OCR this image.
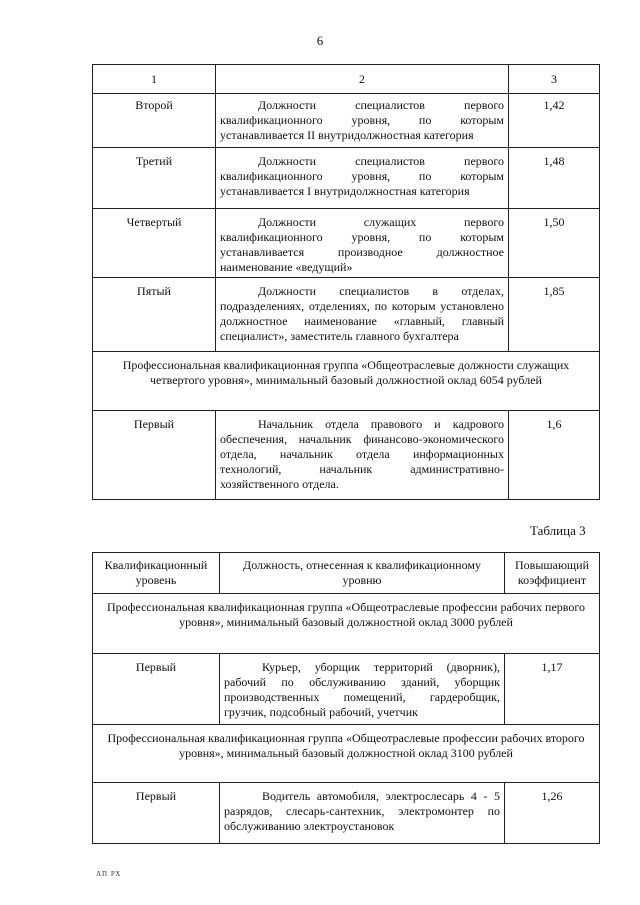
6
1	2	3
Второй	Должности специалистов первого квалификационного уровня, по которым устанавливается II внутридолжностная категория	1,42
Третий	Должности специалистов первого квалификационного уровня, по которым устанавливается I внутридолжностная категория	1,48
Четвертый	Должности служащих первого квалификационного уровня, по которым устанавливается производное должностное наименование «ведущий»	1,50
Пятый	Должности специалистов в отделах, подразделениях, отделениях, по которым установлено должностное наименование «главный, главный специалист», заместитель главного бухгалтера	1,85
Профессиональная квалификационная группа «Общеотраслевые должности служащих четвертого уровня», минимальный базовый должностной оклад 6054 рублей		
Первый	Начальник отдела правового и кадрового обеспечения, начальник финансово-экономического отдела, начальник отдела информационных технологий, начальник административно-хозяйственного отдела.	1,6
Таблица 3
Квалификационный уровень	Должность, отнесенная к квалификационному уровню	Повышающий коэффициент
Профессиональная квалификационная группа «Общеотраслевые профессии рабочих первого уровня», минимальный базовый должностной оклад 3000 рублей		
Первый	Курьер, уборщик территорий (дворник), рабочий по обслуживанию зданий, уборщик производственных помещений, гардеробщик, грузчик, подсобный рабочий, учетчик	1,17
Профессиональная квалификационная группа «Общеотраслевые профессии рабочих второго уровня», минимальный базовый должностной оклад 3100 рублей		
Первый	Водитель автомобиля, электрослесарь 4 - 5 разрядов, слесарь-сантехник, электромонтер по обслуживанию электроустановок	1,26
АП РХ
